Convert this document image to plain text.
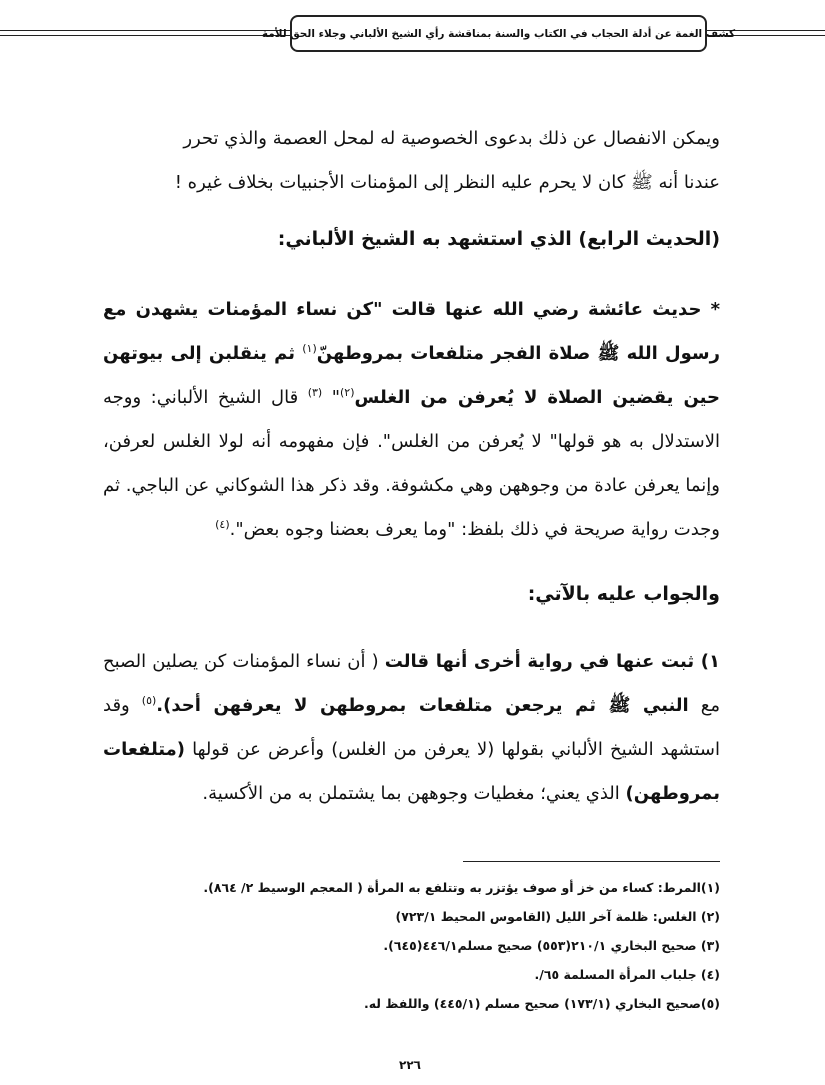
كشف الغمة عن أدلة الحجاب في الكتاب والسنة بمناقشة رأي الشيخ الألباني وجلاء الحق للأمة

ويمكن الانفصال عن ذلك بدعوى الخصوصية له لمحل العصمة والذي تحرر

عندنا أنه ﷺ كان لا يحرم عليه النظر إلى المؤمنات الأجنبيات بخلاف غيره !

(الحديث الرابع) الذي استشهد به الشيخ الألباني:

* حديث عائشة رضي الله عنها قالت "كن نساء المؤمنات يشهدن مع رسول الله ﷺ صلاة الفجر متلفعات بمروطهنّ$^{(١)}$ ثم ينقلبن إلى بيوتهن حين يقضين الصلاة لا يُعرفن من الغلس$^{(٢)}$" $^{(٣)}$ قال الشيخ الألباني: ووجه الاستدلال به هو قولها" لا يُعرفن من الغلس". فإن مفهومه أنه لولا الغلس لعرفن، وإنما يعرفن عادة من وجوههن وهي مكشوفة. وقد ذكر هذا الشوكاني عن الباجي. ثم وجدت رواية صريحة في ذلك بلفظ: "وما يعرف بعضنا وجوه بعض".$^{(٤)}$

والجواب عليه بالآتي:

١) ثبت عنها في رواية أخرى أنها قالت ( أن نساء المؤمنات كن يصلين الصبح مع النبي ﷺ ثم يرجعن متلفعات بمروطهن لا يعرفهن أحد).$^{(٥)}$ وقد استشهد الشيخ الألباني بقولها (لا يعرفن من الغلس) وأعرض عن قولها (متلفعات بمروطهن) الذي يعني؛ مغطيات وجوههن بما يشتملن به من الأكسية.

(١)المرط: كساء من خز أو صوف يؤتزر به وتتلفع به المرأة ( المعجم الوسيط ٢/ ٨٦٤).

(٢) الغلس: ظلمة آخر الليل (القاموس المحيط ٧٢٣/١)

(٣) صحيح البخاري ٢١٠/١(٥٥٣) صحيح مسلم٤٤٦/١(٦٤٥).

(٤) جلباب المرأة المسلمة ٦٥/.

(٥)صحيح البخاري (١٧٣/١) صحيح مسلم (٤٤٥/١) واللفظ له.

٢٢٦
